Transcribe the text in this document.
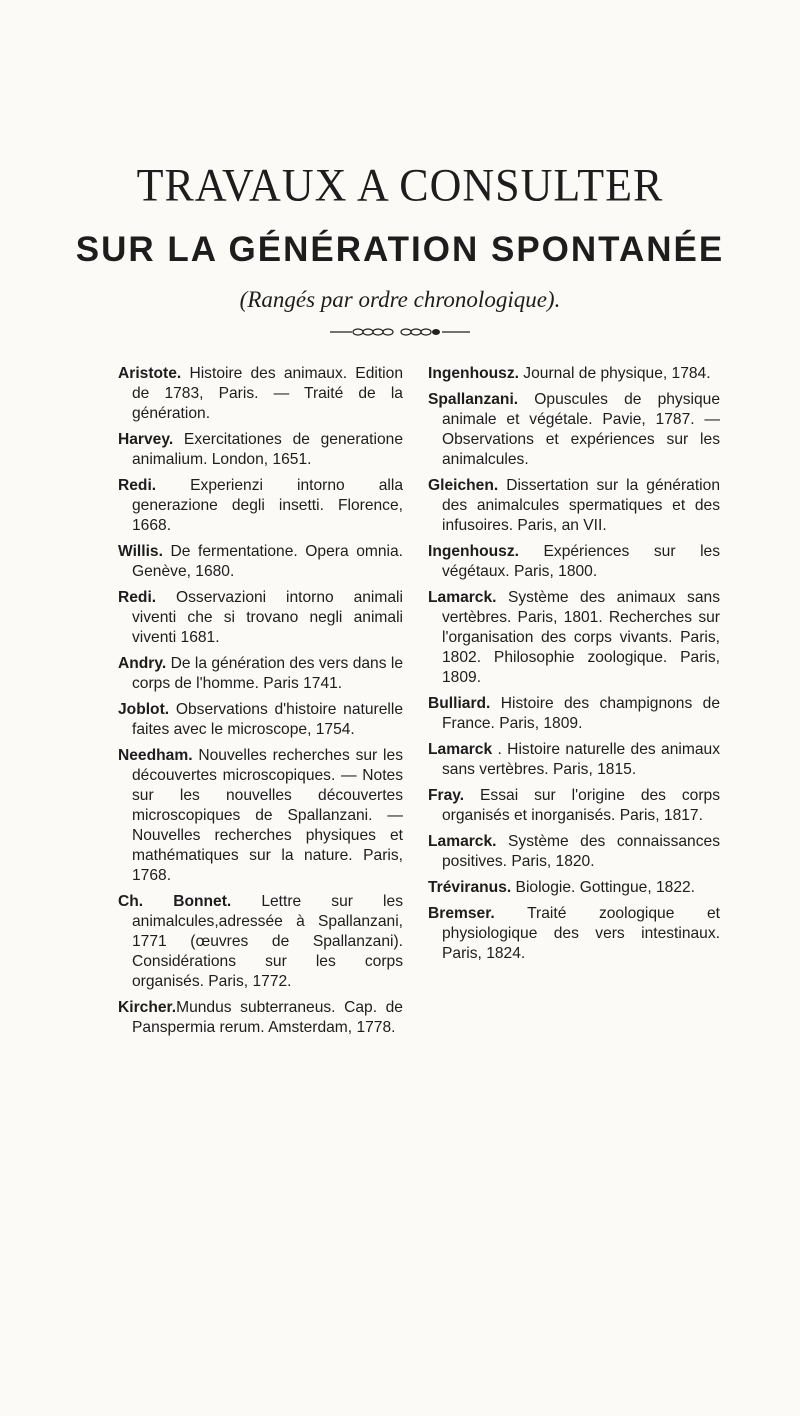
TRAVAUX A CONSULTER
SUR LA GÉNÉRATION SPONTANÉE
(Rangés par ordre chronologique).

Aristote. Histoire des animaux. Edition de 1783, Paris. — Traité de la génération.

Harvey. Exercitationes de generatione animalium. London, 1651.

Redi. Experienzi intorno alla generazione degli insetti. Florence, 1668.

Willis. De fermentatione. Opera omnia. Genève, 1680.

Redi. Osservazioni intorno animali viventi che si trovano negli animali viventi 1681.

Andry. De la génération des vers dans le corps de l'homme. Paris 1741.

Joblot. Observations d'histoire naturelle faites avec le microscope, 1754.

Needham. Nouvelles recherches sur les découvertes microscopiques. — Notes sur les nouvelles découvertes microscopiques de Spallanzani. — Nouvelles recherches physiques et mathématiques sur la nature. Paris, 1768.

Ch. Bonnet. Lettre sur les animalcules,adressée à Spallanzani, 1771 (œuvres de Spallanzani). Considérations sur les corps organisés. Paris, 1772.

Kircher.Mundus subterraneus. Cap. de Panspermia rerum. Amsterdam, 1778.

Ingenhousz. Journal de physique, 1784.

Spallanzani. Opuscules de physique animale et végétale. Pavie, 1787. — Observations et expériences sur les animalcules.

Gleichen. Dissertation sur la génération des animalcules spermatiques et des infusoires. Paris, an VII.

Ingenhousz. Expériences sur les végétaux. Paris, 1800.

Lamarck. Système des animaux sans vertèbres. Paris, 1801. Recherches sur l'organisation des corps vivants. Paris, 1802. Philosophie zoologique. Paris, 1809.

Bulliard. Histoire des champignons de France. Paris, 1809.

Lamarck . Histoire naturelle des animaux sans vertèbres. Paris, 1815.

Fray. Essai sur l'origine des corps organisés et inorganisés. Paris, 1817.

Lamarck. Système des connaissances positives. Paris, 1820.

Tréviranus. Biologie. Gottingue, 1822.

Bremser. Traité zoologique et physiologique des vers intestinaux. Paris, 1824.
